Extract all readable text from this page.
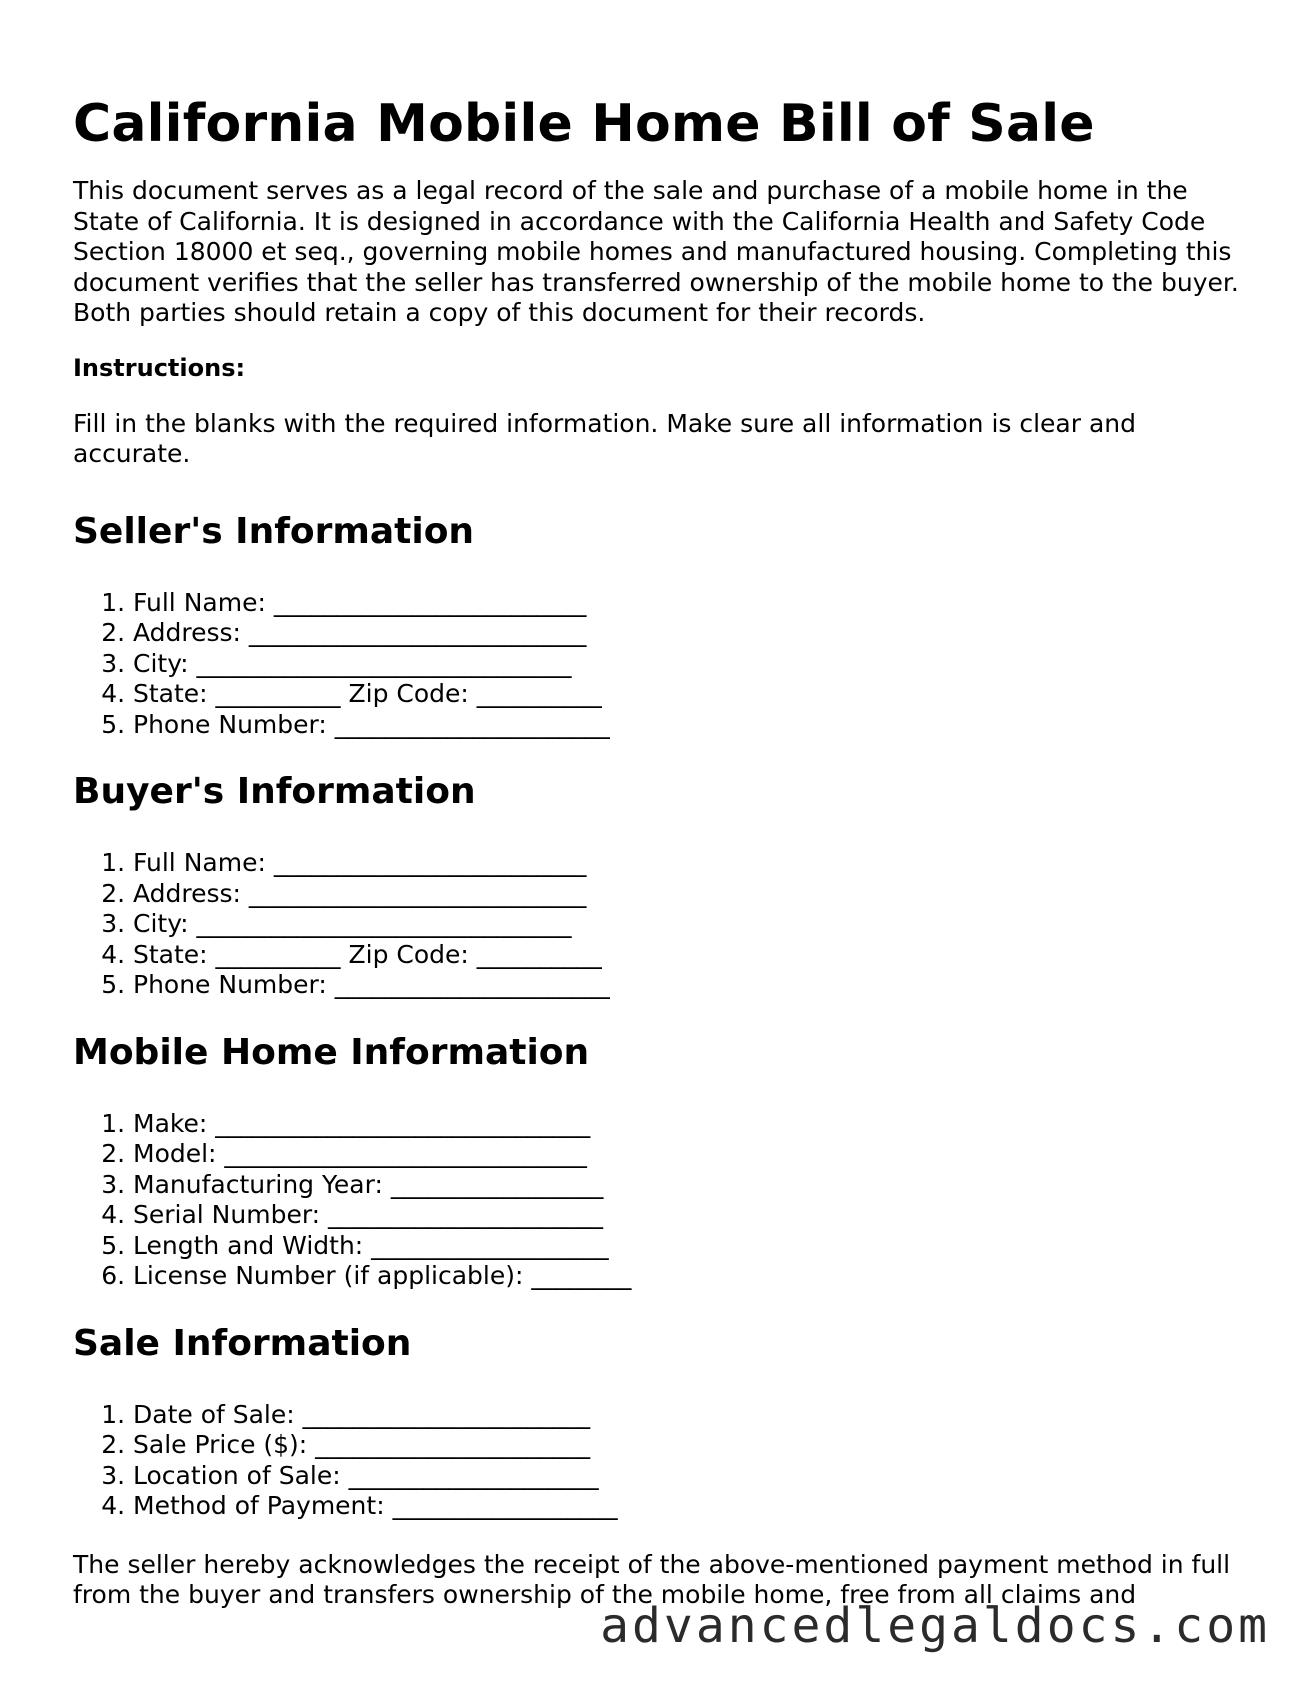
California Mobile Home Bill of Sale

This document serves as a legal record of the sale and purchase of a mobile home in the State of California. It is designed in accordance with the California Health and Safety Code Section 18000 et seq., governing mobile homes and manufactured housing. Completing this document verifies that the seller has transferred ownership of the mobile home to the buyer. Both parties should retain a copy of this document for their records.

Instructions:

Fill in the blanks with the required information. Make sure all information is clear and accurate.

Seller's Information
1. Full Name: _________________________
2. Address: ___________________________
3. City: ______________________________
4. State: __________ Zip Code: __________
5. Phone Number: ______________________
Buyer's Information
1. Full Name: _________________________
2. Address: ___________________________
3. City: ______________________________
4. State: __________ Zip Code: __________
5. Phone Number: ______________________
Mobile Home Information
1. Make: ______________________________
2. Model: _____________________________
3. Manufacturing Year: _________________
4. Serial Number: ______________________
5. Length and Width: ___________________
6. License Number (if applicable): ________
Sale Information
1. Date of Sale: _______________________
2. Sale Price ($): ______________________
3. Location of Sale: ____________________
4. Method of Payment: __________________

The seller hereby acknowledges the receipt of the above-mentioned payment method in full from the buyer and transfers ownership of the mobile home, free from all claims and

advancedlegaldocs.com
